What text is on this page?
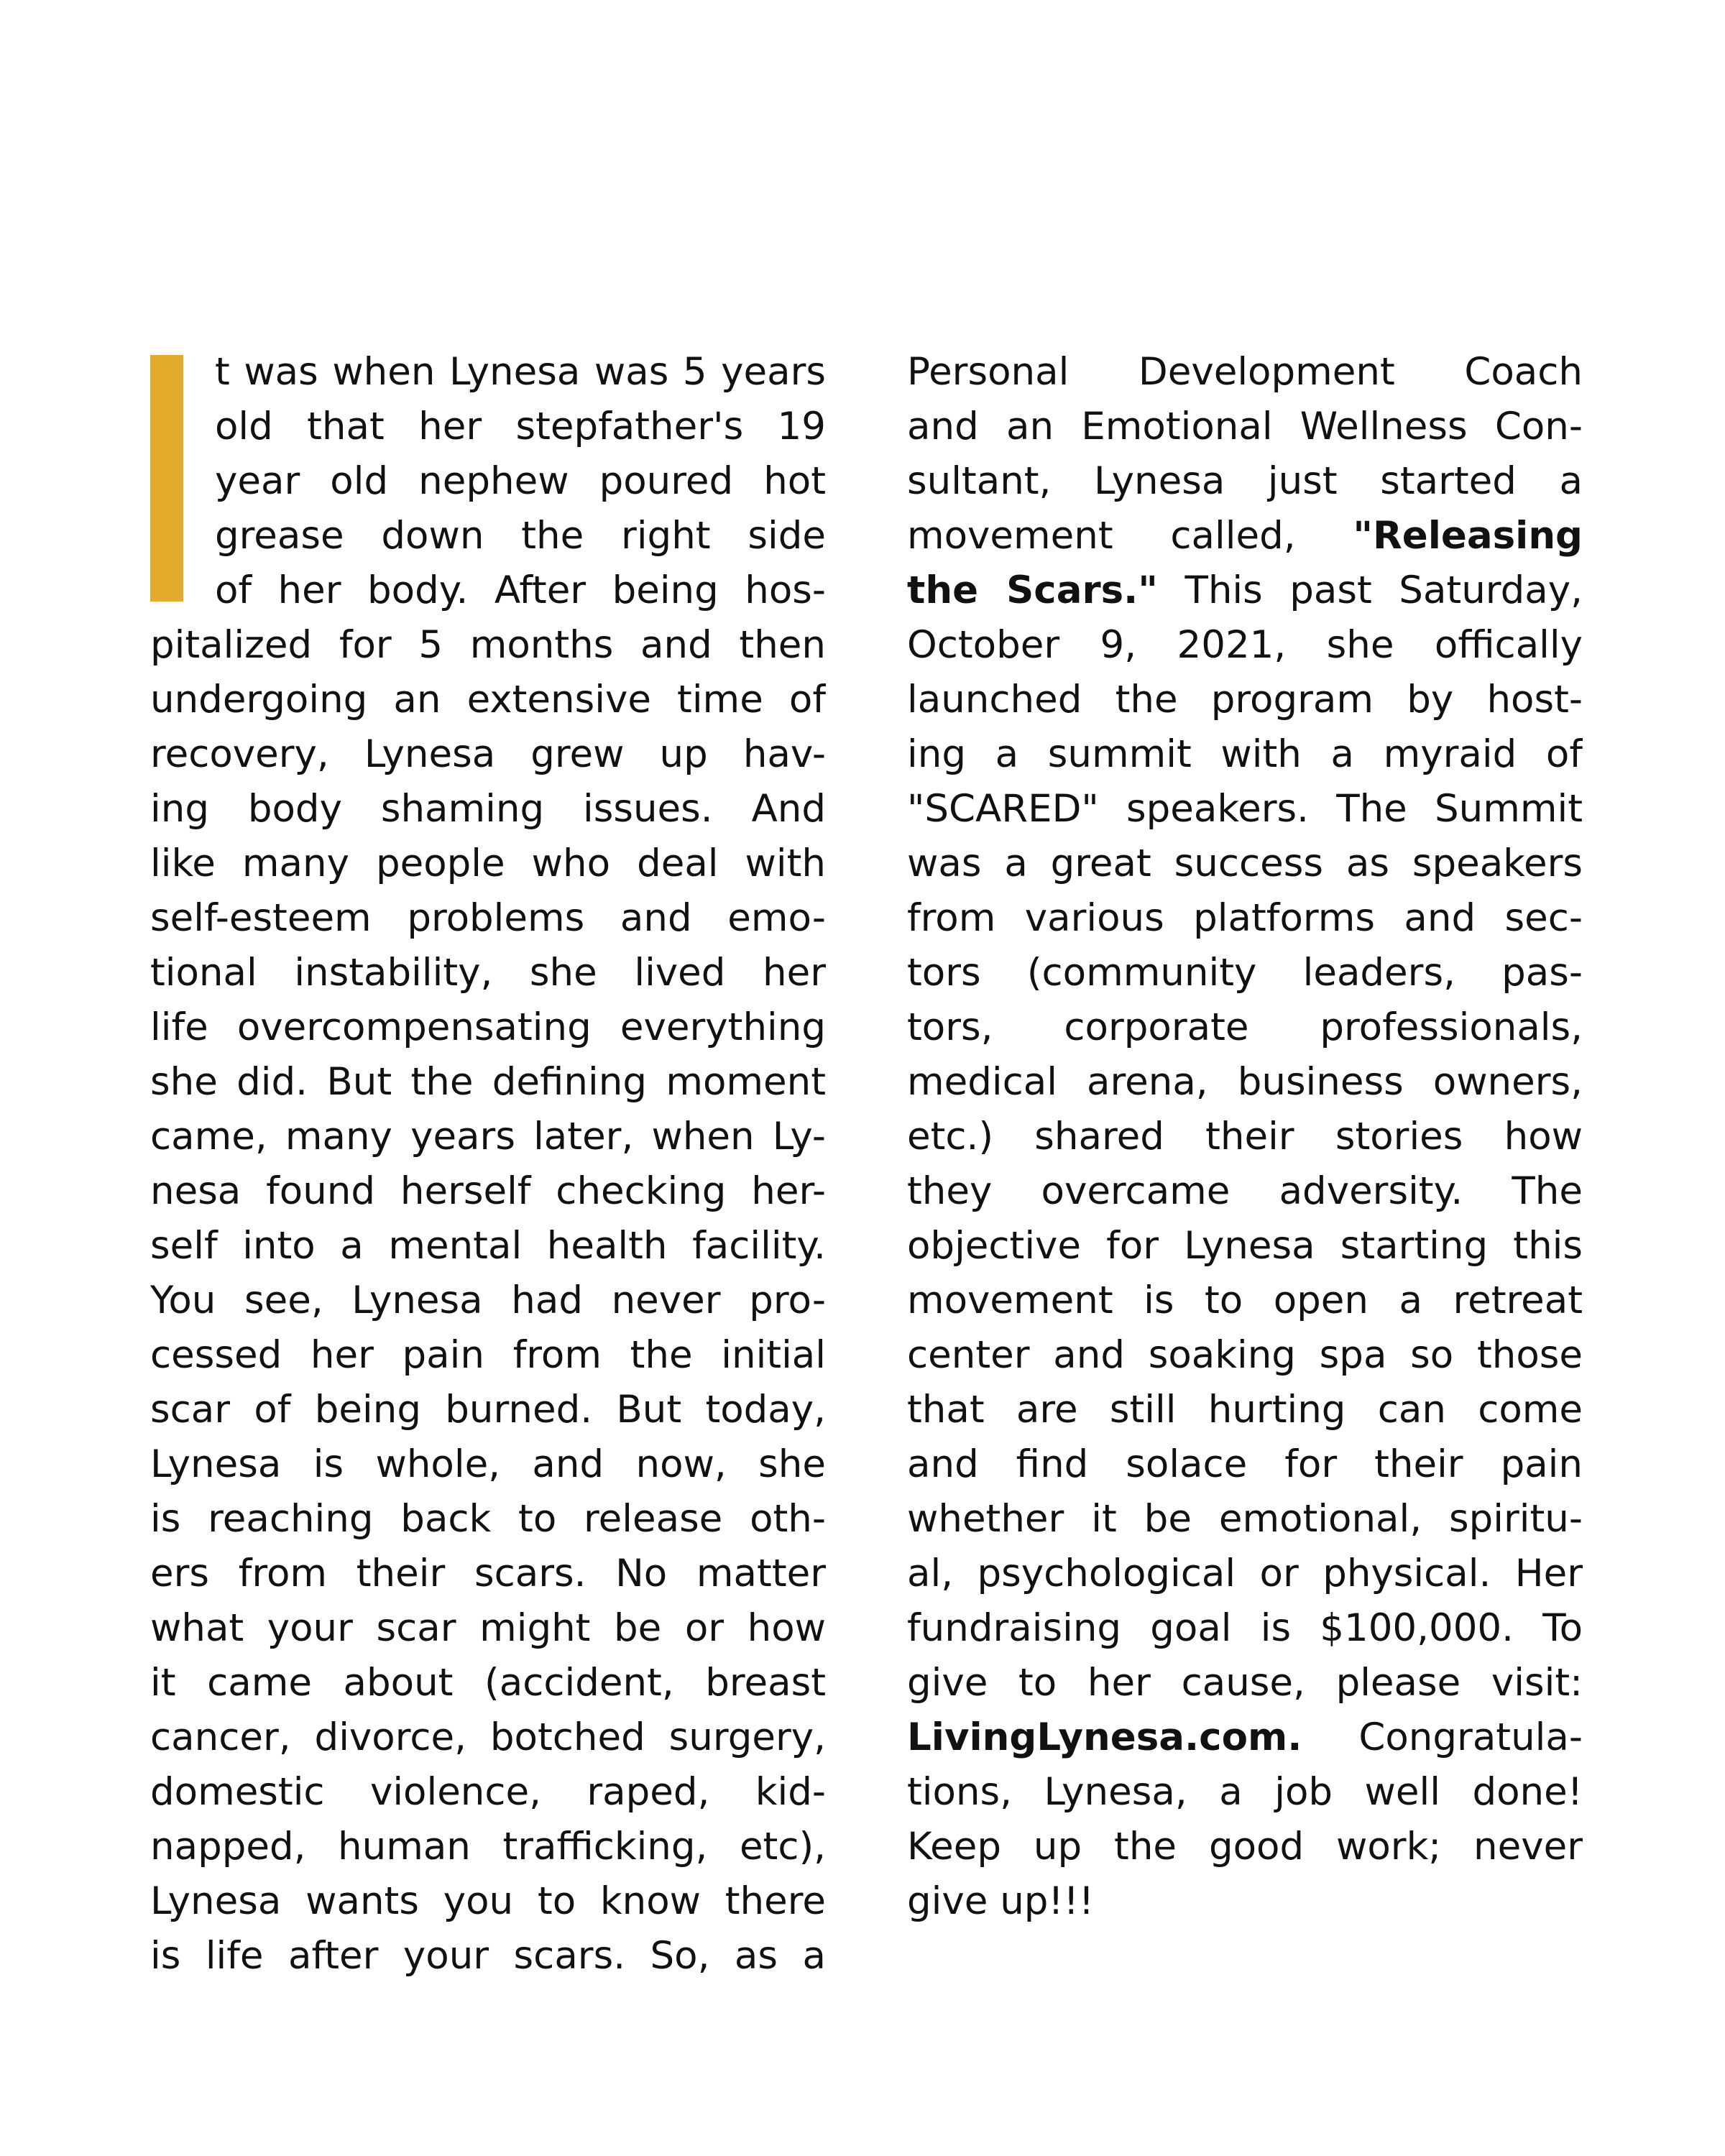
t was when Lynesa was 5 years
old that her stepfather's 19
year old nephew poured hot
grease down the right side
of her body. After being hos-
pitalized for 5 months and then
undergoing an extensive time of
recovery, Lynesa grew up hav-
ing body shaming issues. And
like many people who deal with
self-esteem problems and emo-
tional instability, she lived her
life overcompensating everything
she did. But the defining moment
came, many years later, when Ly-
nesa found herself checking her-
self into a mental health facility.
You see, Lynesa had never pro-
cessed her pain from the initial
scar of being burned. But today,
Lynesa is whole, and now, she
is reaching back to release oth-
ers from their scars. No matter
what your scar might be or how
it came about (accident, breast
cancer, divorce, botched surgery,
domestic violence, raped, kid-
napped, human trafficking, etc),
Lynesa wants you to know there
is life after your scars. So, as a
Personal Development Coach
and an Emotional Wellness Con-
sultant, Lynesa just started a
movement called, "Releasing
the Scars." This past Saturday,
October 9, 2021, she offically
launched the program by host-
ing a summit with a myraid of
"SCARED" speakers. The Summit
was a great success as speakers
from various platforms and sec-
tors (community leaders, pas-
tors, corporate professionals,
medical arena, business owners,
etc.) shared their stories how
they overcame adversity. The
objective for Lynesa starting this
movement is to open a retreat
center and soaking spa so those
that are still hurting can come
and find solace for their pain
whether it be emotional, spiritu-
al, psychological or physical. Her
fundraising goal is $100,000. To
give to her cause, please visit:
LivingLynesa.com. Congratula-
tions, Lynesa, a job well done!
Keep up the good work; never
give up!!!
